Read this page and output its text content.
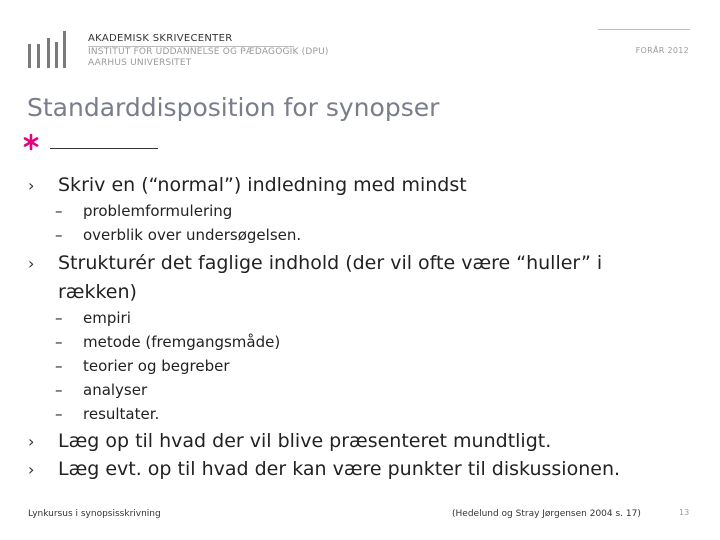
AKADEMISK SKRIVECENTER
INSTITUT FOR UDDANNELSE OG PÆDAGOGIK (DPU)
AARHUS UNIVERSITET
FORÅR 2012
Standarddisposition for synopser
› Skriv en (“normal”) indledning med mindst
– problemformulering
– overblik over undersøgelsen.
› Strukturér det faglige indhold (der vil ofte være “huller” i
rækken)
– empiri
– metode (fremgangsmåde)
– teorier og begreber
– analyser
– resultater.
› Læg op til hvad der vil blive præsenteret mundtligt.
› Læg evt. op til hvad der kan være punkter til diskussionen.
Lynkursus i synopsisskrivning	(Hedelund og Stray Jørgensen 2004 s. 17)	13
